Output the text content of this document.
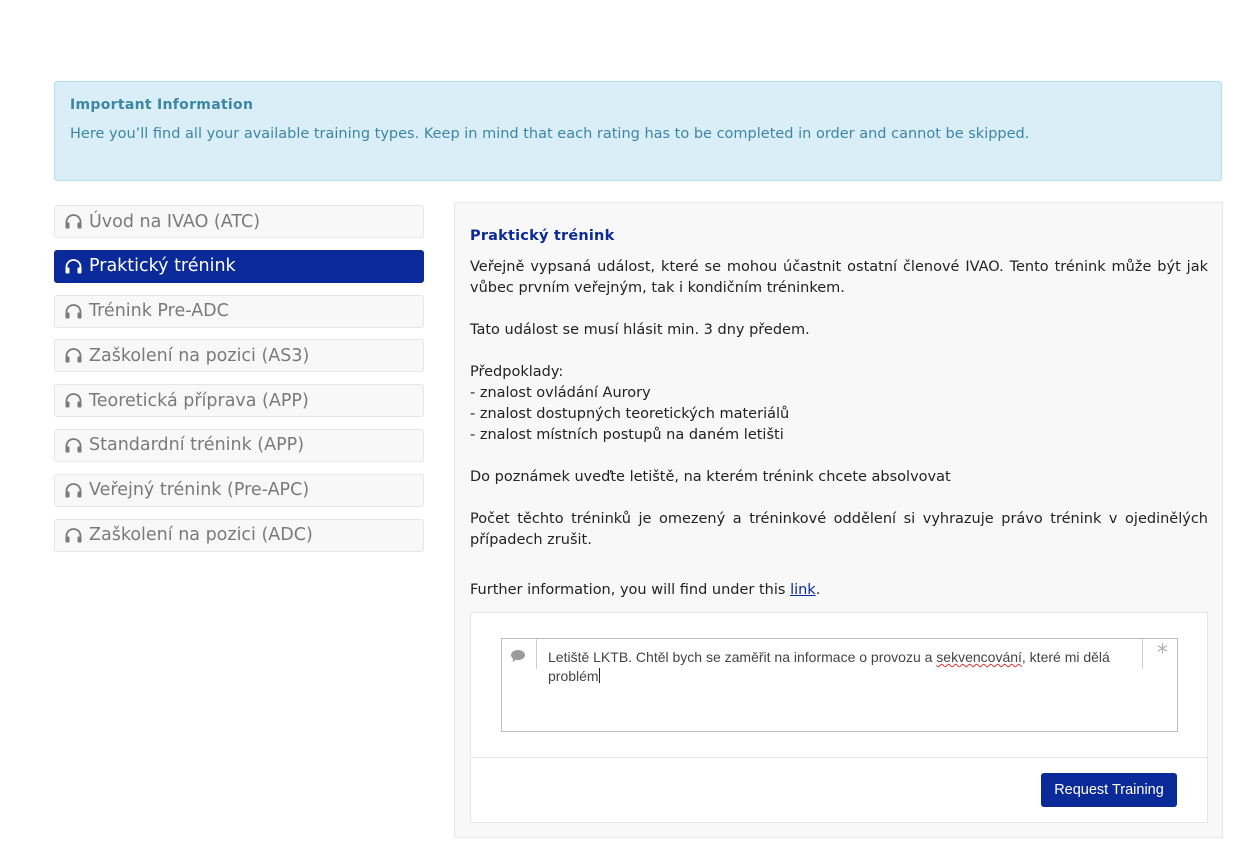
Important Information
Here you’ll find all your available training types. Keep in mind that each rating has to be completed in order and cannot be skipped.
Úvod na IVAO (ATC)
Praktický trénink
Trénink Pre-ADC
Zaškolení na pozici (AS3)
Teoretická příprava (APP)
Standardní trénink (APP)
Veřejný trénink (Pre-APC)
Zaškolení na pozici (ADC)
Praktický trénink

Veřejně vypsaná událost, které se mohou účastnit ostatní členové IVAO. Tento trénink může být jak vůbec prvním veřejným, tak i kondičním tréninkem.

Tato událost se musí hlásit min. 3 dny předem.

Předpoklady:

- znalost ovládání Aurory

- znalost dostupných teoretických materiálů

- znalost místních postupů na daném letišti

Do poznámek uveďte letiště, na kterém trénink chcete absolvovat

Počet těchto tréninků je omezený a tréninkové oddělení si vyhrazuje právo trénink v ojedinělých případech zrušit.

Further information, you will find under this link.
Letiště LKTB. Chtěl bych se zaměřit na informace o provozu a sekvencování, které mi dělá problém
*
Request Training
